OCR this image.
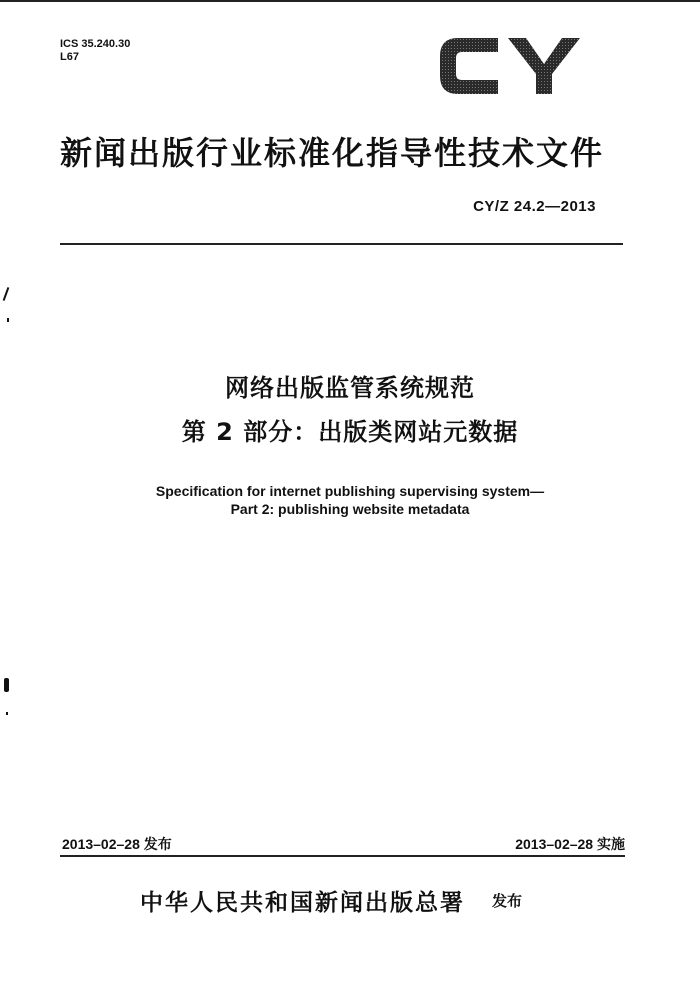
ICS 35.240.30
L67
新闻出版行业标准化指导性技术文件
CY/Z 24.2—2013
网络出版监管系统规范
第 2 部分：出版类网站元数据
Specification for internet publishing supervising system—
Part 2: publishing website metadata
2013–02–28 发布	2013–02–28 实施
中华人民共和国新闻出版总署 发布
